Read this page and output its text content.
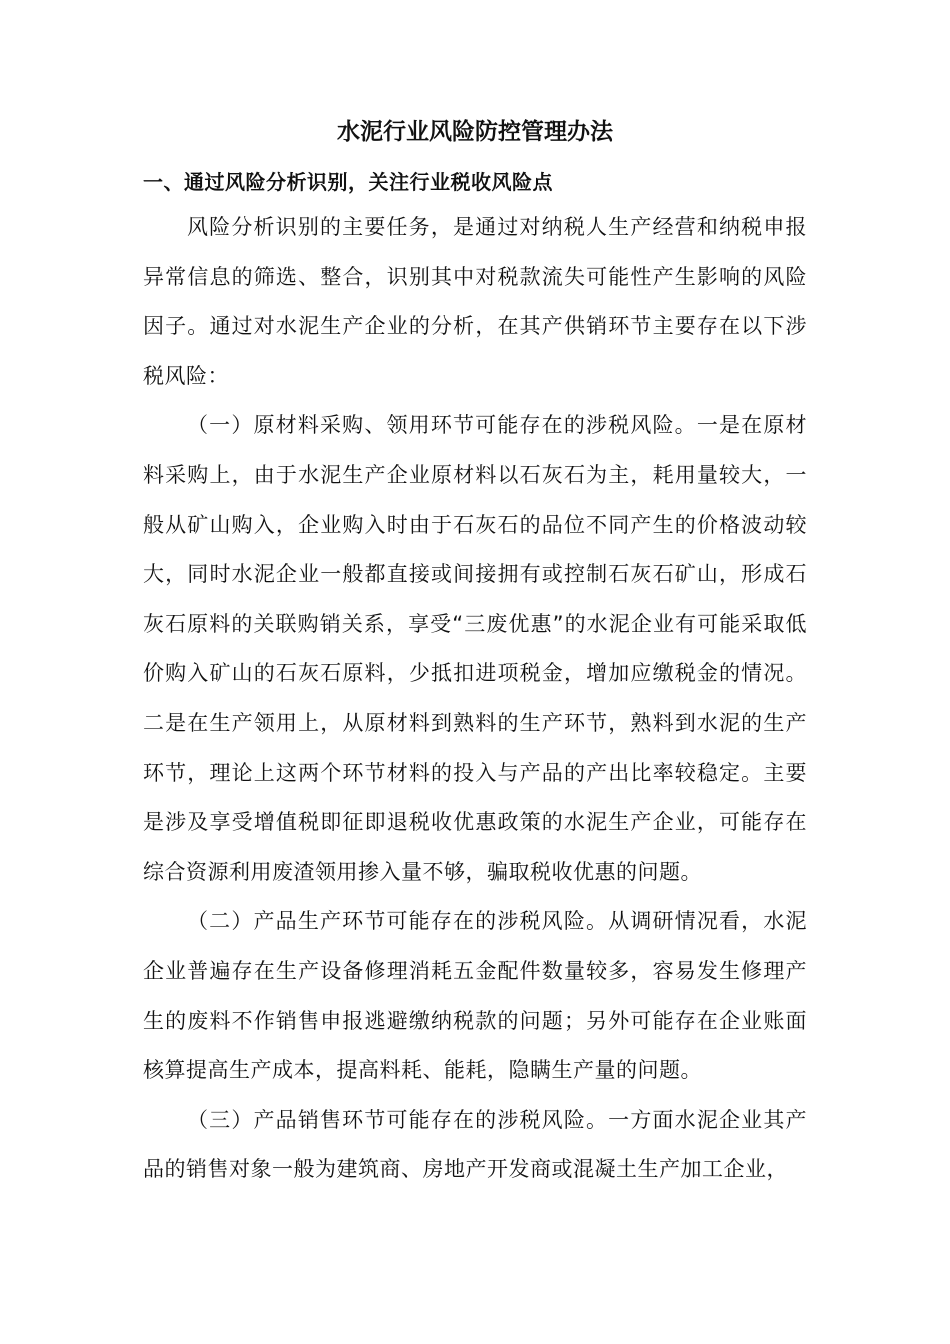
水泥行业风险防控管理办法
一、通过风险分析识别，关注行业税收风险点

风险分析识别的主要任务，是通过对纳税人生产经营和纳税申报异常信息的筛选、整合，识别其中对税款流失可能性产生影响的风险因子。通过对水泥生产企业的分析，在其产供销环节主要存在以下涉税风险：

（一）原材料采购、领用环节可能存在的涉税风险。一是在原材料采购上，由于水泥生产企业原材料以石灰石为主，耗用量较大，一般从矿山购入，企业购入时由于石灰石的品位不同产生的价格波动较大，同时水泥企业一般都直接或间接拥有或控制石灰石矿山，形成石灰石原料的关联购销关系，享受“三废优惠”的水泥企业有可能采取低价购入矿山的石灰石原料，少抵扣进项税金，增加应缴税金的情况。二是在生产领用上，从原材料到熟料的生产环节，熟料到水泥的生产环节，理论上这两个环节材料的投入与产品的产出比率较稳定。主要是涉及享受增值税即征即退税收优惠政策的水泥生产企业，可能存在综合资源利用废渣领用掺入量不够，骗取税收优惠的问题。

（二）产品生产环节可能存在的涉税风险。从调研情况看，水泥企业普遍存在生产设备修理消耗五金配件数量较多，容易发生修理产生的废料不作销售申报逃避缴纳税款的问题；另外可能存在企业账面核算提高生产成本，提高料耗、能耗，隐瞒生产量的问题。

（三）产品销售环节可能存在的涉税风险。一方面水泥企业其产品的销售对象一般为建筑商、房地产开发商或混凝土生产加工企业，
